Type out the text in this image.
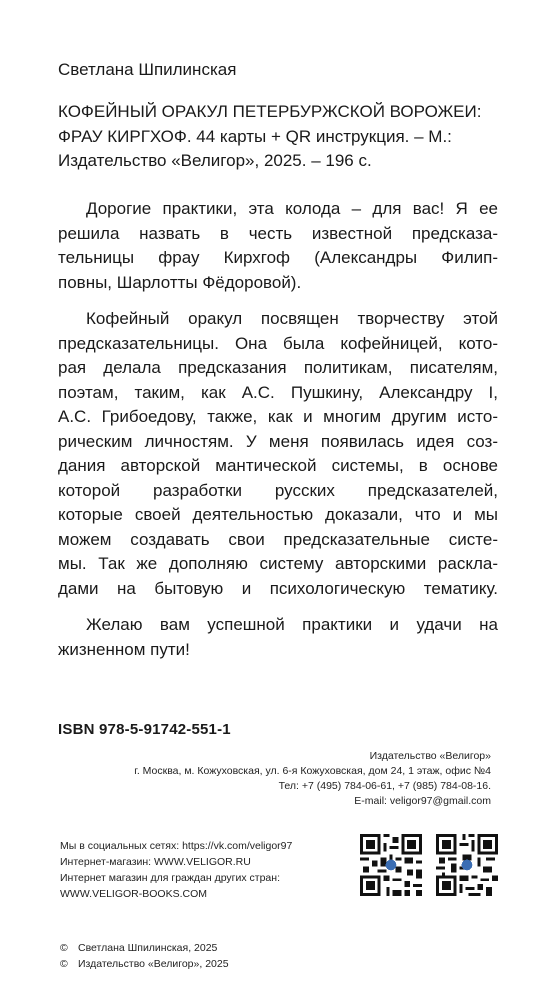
Светлана Шпилинская
КОФЕЙНЫЙ ОРАКУЛ ПЕТЕРБУРЖСКОЙ ВОРОЖЕИ:
ФРАУ КИРГХОФ. 44 карты + QR инструкция. – М.:
Издательство «Велигор», 2025. – 196 с.
Дорогие практики, эта колода – для вас! Я ее
решила назвать в честь известной предсказа-
тельницы фрау Кирхгоф (Александры Филип-
повны, Шарлотты Фёдоровой).
Кофейный оракул посвящен творчеству этой
предсказательницы. Она была кофейницей, кото-
рая делала предсказания политикам, писателям,
поэтам, таким, как А.С. Пушкину, Александру I,
А.С. Грибоедову, также, как и многим другим исто-
рическим личностям. У меня появилась идея соз-
дания авторской мантической системы, в основе
которой разработки русских предсказателей,
которые своей деятельностью доказали, что и мы
можем создавать свои предсказательные систе-
мы. Так же дополняю систему авторскими раскла-
дами на бытовую и психологическую тематику.
Желаю вам успешной практики и удачи на
жизненном пути!
ISBN 978-5-91742-551-1
Издательство «Велигор»
г. Москва, м. Кожуховская, ул. 6-я Кожуховская, дом 24, 1 этаж, офис №4
Тел: +7 (495) 784-06-61, +7 (985) 784-08-16.
E-mail: veligor97@gmail.com
Мы в социальных сетях: https://vk.com/veligor97
Интернет-магазин: WWW.VELIGOR.RU
Интернет магазин для граждан других стран:
WWW.VELIGOR-BOOKS.COM
© Светлана Шпилинская, 2025
© Издательство «Велигор», 2025
